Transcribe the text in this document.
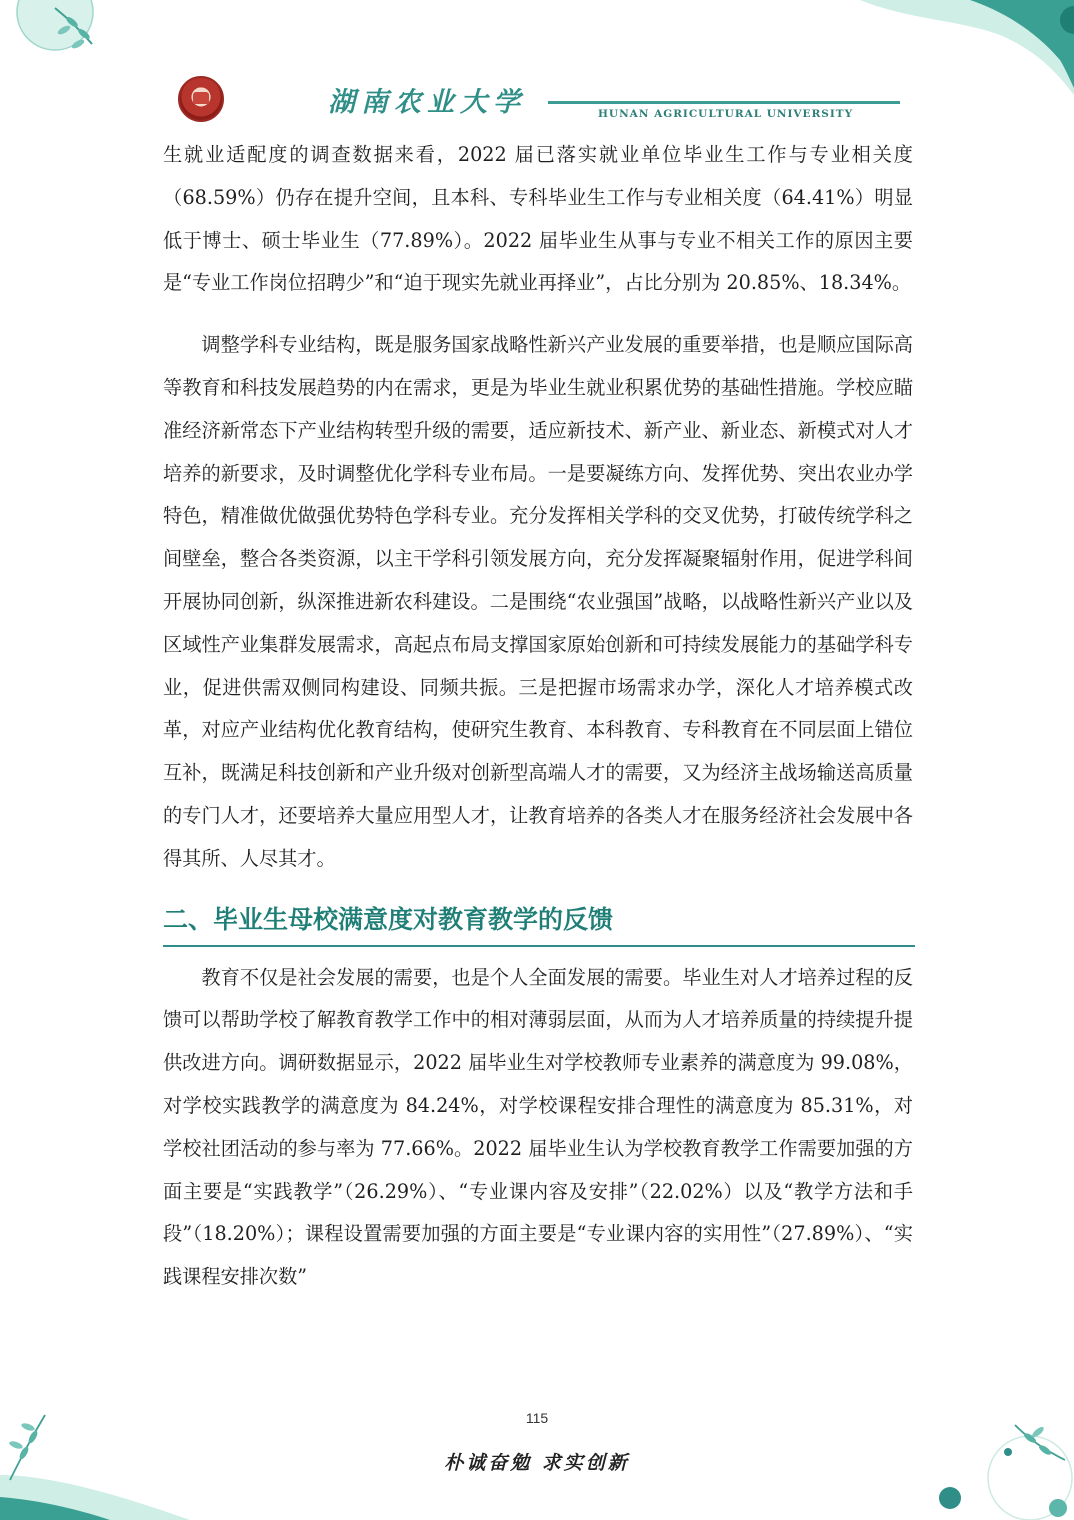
湖南农业大学	HUNAN AGRICULTURAL UNIVERSITY

生就业适配度的调查数据来看，2022 届已落实就业单位毕业生工作与专业相关度（68.59%）仍存在提升空间，且本科、专科毕业生工作与专业相关度（64.41%）明显低于博士、硕士毕业生（77.89%）。2022 届毕业生从事与专业不相关工作的原因主要是“专业工作岗位招聘少”和“迫于现实先就业再择业”，占比分别为 20.85%、18.34%。

调整学科专业结构，既是服务国家战略性新兴产业发展的重要举措，也是顺应国际高等教育和科技发展趋势的内在需求，更是为毕业生就业积累优势的基础性措施。学校应瞄准经济新常态下产业结构转型升级的需要，适应新技术、新产业、新业态、新模式对人才培养的新要求，及时调整优化学科专业布局。一是要凝练方向、发挥优势、突出农业办学特色，精准做优做强优势特色学科专业。充分发挥相关学科的交叉优势，打破传统学科之间壁垒，整合各类资源，以主干学科引领发展方向，充分发挥凝聚辐射作用，促进学科间开展协同创新，纵深推进新农科建设。二是围绕“农业强国”战略，以战略性新兴产业以及区域性产业集群发展需求，高起点布局支撑国家原始创新和可持续发展能力的基础学科专业，促进供需双侧同构建设、同频共振。三是把握市场需求办学，深化人才培养模式改革，对应产业结构优化教育结构，使研究生教育、本科教育、专科教育在不同层面上错位互补，既满足科技创新和产业升级对创新型高端人才的需要，又为经济主战场输送高质量的专门人才，还要培养大量应用型人才，让教育培养的各类人才在服务经济社会发展中各得其所、人尽其才。

二、毕业生母校满意度对教育教学的反馈

教育不仅是社会发展的需要，也是个人全面发展的需要。毕业生对人才培养过程的反馈可以帮助学校了解教育教学工作中的相对薄弱层面，从而为人才培养质量的持续提升提供改进方向。调研数据显示，2022 届毕业生对学校教师专业素养的满意度为 99.08%，对学校实践教学的满意度为 84.24%，对学校课程安排合理性的满意度为 85.31%，对学校社团活动的参与率为 77.66%。2022 届毕业生认为学校教育教学工作需要加强的方面主要是“实践教学”（26.29%）、“专业课内容及安排”（22.02%）以及“教学方法和手段”（18.20%）；课程设置需要加强的方面主要是“专业课内容的实用性”（27.89%）、“实践课程安排次数”

115
朴诚奋勉 求实创新
